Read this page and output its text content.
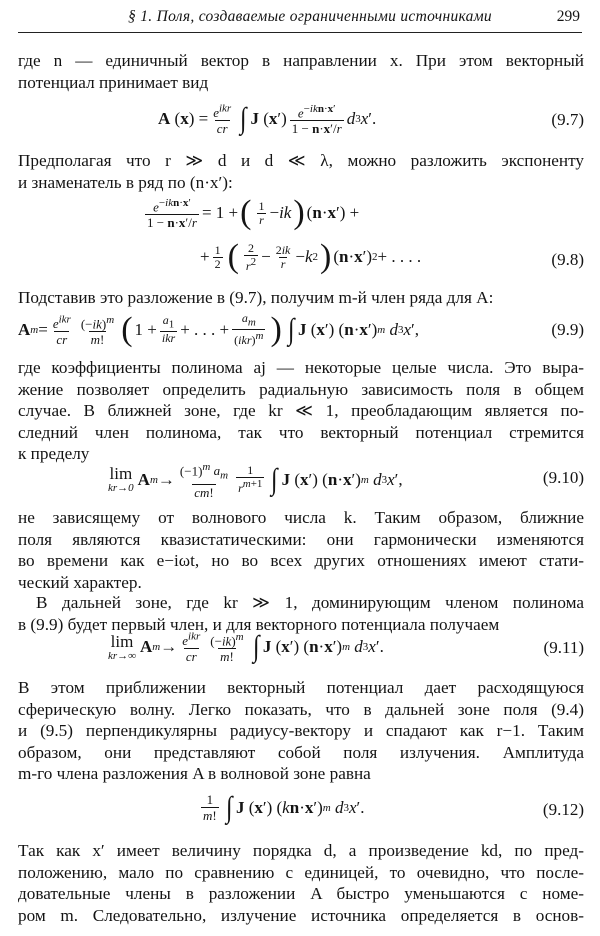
§ 1. Поля, создаваемые ограниченными источниками	299
где n — единичный вектор в направлении x. При этом векторный
потенциал принимает вид
A ( x ) = $\frac{e^{ikr}}{cr}$ ∫ J ( x ′) $\frac{e^{-ikn\cdot x'}}{1 - n\cdot x'/r}$ d 3 x ′.	(9.7)
Предполагая что r ≫ d и d ≪ λ, можно разложить экспоненту
и знаменатель в ряд по (n·x′):
$\frac{e^{-ikn\cdot x'}}{1 - n\cdot x'/r} = 1$ + ( $\frac{1}{r}$ − ik ) ( n · x ′) +
+ $\frac{1}{2}$ ( $\frac{2}{r^2} - \frac{2ik}{r} - k$ 2 ) ( n · x ′) 2 + . . . .	(9.8)
Подставив это разложение в (9.7), получим m-й член ряда для A:
A $m = \frac{e^{ikr}}{cr} \frac{(-ik)^m}{m!}$ ( $1 + \frac{a_1}{\text{ikr}}$ + . . . + $\frac{a_m}{(ikr)^m}$ ) ∫ J ( x ′) ( n · x ′) m
d 3 x ′,	(9.9)
где коэффициенты полинома aj — некоторые целые числа. Это выра-
жение позволяет определить радиальную зависимость поля в общем
случае. В ближней зоне, где kr ≪ 1, преобладающим является по-
следний член полинома, так что векторный потенциал стремится
к пределу
lim
kr→0 A $m \to \frac{(-1)^m a_m}{cm!} \frac{1}{r^{m+1}}$ ∫ J ( x ′) ( n · x ′) m
d 3 x ′,	(9.10)
не зависящему от волнового числа k. Таким образом, ближние
поля являются квазистатическими: они гармонически изменяются
во времени как e−iωt, но во всех других отношениях имеют стати-
ческий характер.
В дальней зоне, где kr ≫ 1, доминирующим членом полинома
в (9.9) будет первый член, и для векторного потенциала получаем
lim
kr→∞ A $m \to \frac{e^{ikr}}{cr} \frac{(-ik)^m}{m!}$ ∫ J ( x ′) ( n · x ′) m
d 3 x ′.	(9.11)
В этом приближении векторный потенциал дает расходящуюся
сферическую волну. Легко показать, что в дальней зоне поля (9.4)
и (9.5) перпендикулярны радиусу-вектору и спадают как r−1. Таким
образом, они представляют собой поля излучения. Амплитуда
m-го члена разложения A в волновой зоне равна
$\frac{1}{m!}$ ∫ J ( x ′) ( k n · x ′) m
d 3 x ′.	(9.12)
Так как x′ имеет величину порядка d, а произведение kd, по пред-
положению, мало по сравнению с единицей, то очевидно, что после-
довательные члены в разложении A быстро уменьшаются с номе-
ром m. Следовательно, излучение источника определяется в основ-
